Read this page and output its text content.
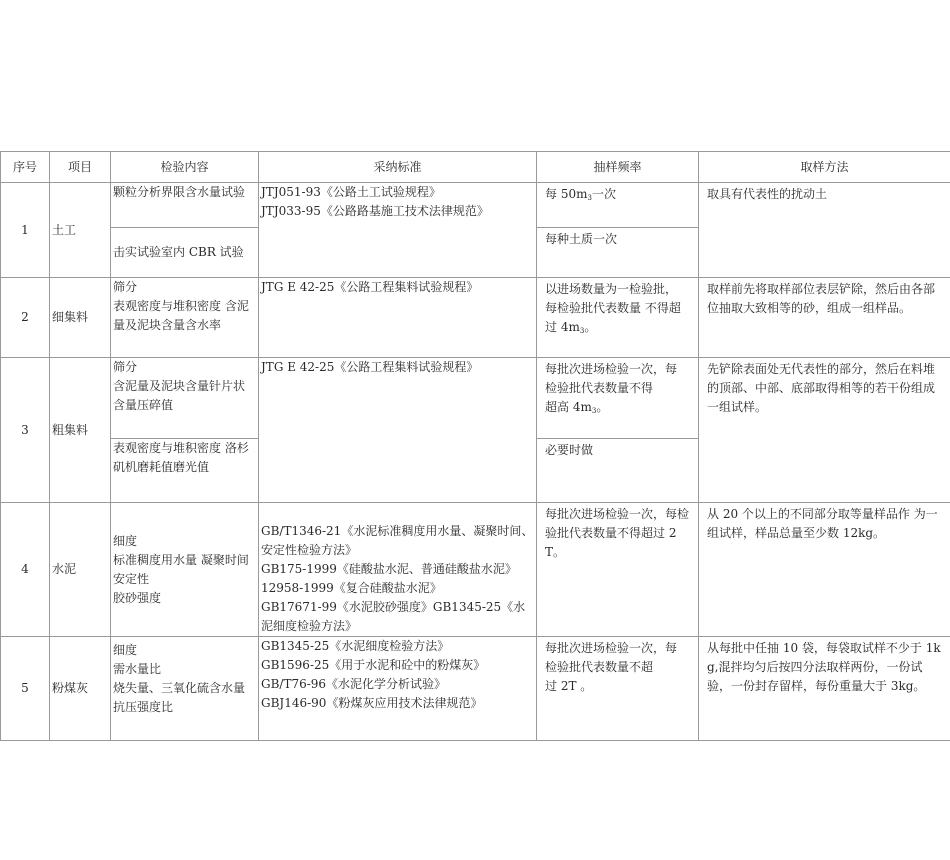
序号	项目	检验内容	采纳标准	抽样频率	取样方法
1	土工	颗粒分析界限含水量试验	JTJ051-93《公路土工试验规程》
JTJ033-95《公路路基施工技术法律规范》	每 $50m_3$一次	取具有代表性的扰动土

		击实试验室内 CBR 试验		每种土质一次	
2	细集料	筛分
表观密度与堆积密度 含泥
量及泥块含量含水率	JTG E 42-25《公路工程集料试验规程》	以进场数量为一检验批，
每检验批代表数量 不得超
过 $4m_3$。	取样前先将取样部位表层铲除，然后由各部位抽取大致相等的砂，组成一组样品。
3	粗集料	筛分
含泥量及泥块含量针片状含量压碎值	JTG E 42-25《公路工程集料试验规程》	每批次进场检验一次，每
检验批代表数量不得
超高 $4m_3$。	先铲除表面处无代表性的部分，然后在料堆的顶部、中部、底部取得相等的若干份组成一组试样。

		表观密度与堆积密度 洛杉矶机磨耗值磨光值		必要时做	
4	水泥	细度
标准稠度用水量 凝聚时间
安定性
胶砂强度	GB/T1346-21《水泥标准稠度用水量、凝聚时间、安定性检验方法》
GB175-1999《硅酸盐水泥、普通硅酸盐水泥》
12958-1999《复合硅酸盐水泥》
GB17671-99《水泥胶砂强度》GB1345-25《水泥细度检验方法》	每批次进场检验一次，每检验批代表数量不得超过 2T。	从 20 个以上的不同部分取等量样品作 为一组试样，样品总量至少数 12kg。
5	粉煤灰	细度
需水量比
烧失量、三氧化硫含水量
抗压强度比	GB1345-25《水泥细度检验方法》
GB1596-25《用于水泥和砼中的粉煤灰》
GB/T76-96《水泥化学分析试验》
GBJ146-90《粉煤灰应用技术法律规范》	每批次进场检验一次，每
检验批代表数量不超
过 2T 。	从每批中任抽 10 袋，每袋取试样不少于 1kg,混拌均匀后按四分法取样两份，一份试验，一份封存留样，每份重量大于 3kg。
